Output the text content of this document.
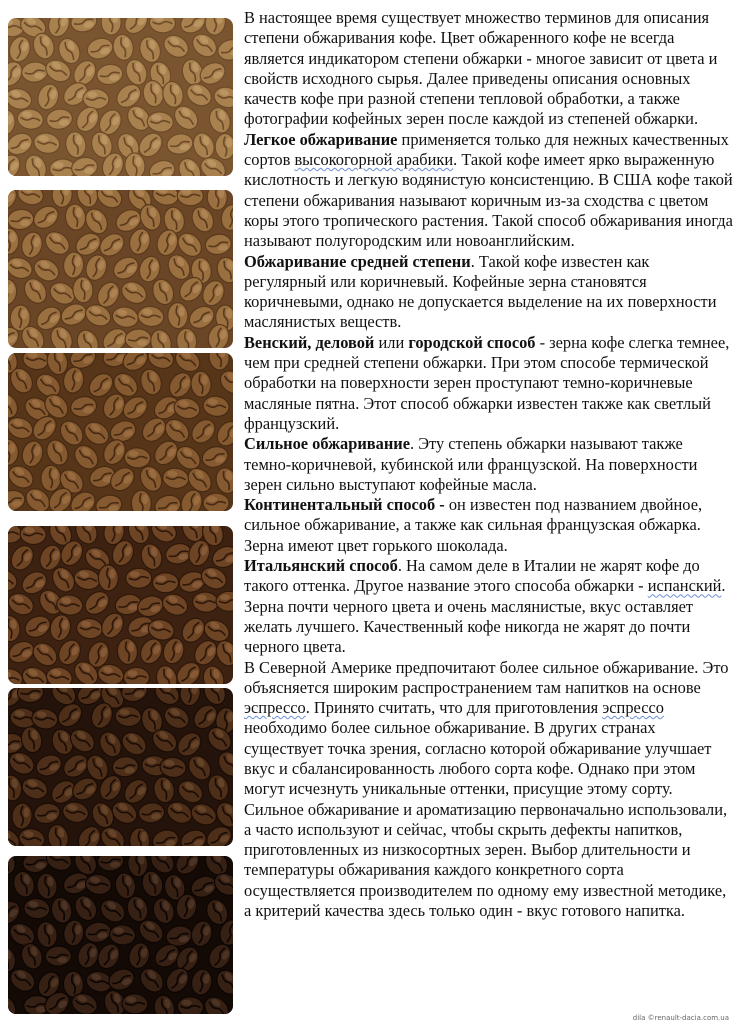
В настоящее время существует множество терминов для описания степени обжаривания кофе. Цвет обжаренного кофе не всегда является индикатором степени обжарки - многое зависит от цвета и свойств исходного сырья. Далее приведены описания основных качеств кофе при разной степени тепловой обработки, а также фотографии кофейных зерен после каждой из степеней обжарки.

Легкое обжаривание применяется только для нежных качественных сортов высокогорной арабики. Такой кофе имеет ярко выраженную кислотность и легкую водянистую консистенцию. В США кофе такой степени обжаривания называют коричным из-за сходства с цветом коры этого тропического растения. Такой способ обжаривания иногда называют полугородским или новоанглийским.

Обжаривание средней степени. Такой кофе известен как регулярный или коричневый. Кофейные зерна становятся коричневыми, однако не допускается выделение на их поверхности маслянистых веществ.

Венский, деловой или городской способ - зерна кофе слегка темнее, чем при средней степени обжарки. При этом способе термической обработки на поверхности зерен проступают темно-коричневые масляные пятна. Этот способ обжарки известен также как светлый французский.

Сильное обжаривание. Эту степень обжарки называют также темно-коричневой, кубинской или французской. На поверхности зерен сильно выступают кофейные масла.

Континентальный способ - он известен под названием двойное, сильное обжаривание, а также как сильная французская обжарка. Зерна имеют цвет горького шоколада.

Итальянский способ. На самом деле в Италии не жарят кофе до такого оттенка. Другое название этого способа обжарки - испанский. Зерна почти черного цвета и очень маслянистые, вкус оставляет желать лучшего. Качественный кофе никогда не жарят до почти черного цвета.

В Северной Америке предпочитают более сильное обжаривание. Это объясняется широким распространением там напитков на основе эспрессо. Принято считать, что для приготовления эспрессо необходимо более сильное обжаривание. В других странах существует точка зрения, согласно которой обжаривание улучшает вкус и сбалансированность любого сорта кофе. Однако при этом могут исчезнуть уникальные оттенки, присущие этому сорту. Сильное обжаривание и ароматизацию первоначально использовали, а часто используют и сейчас, чтобы скрыть дефекты напитков, приготовленных из низкосортных зерен. Выбор длительности и температуры обжаривания каждого конкретного сорта осуществляется производителем по одному ему известной методике, а критерий качества здесь только один - вкус готового напитка.

dila ©renault-dacia.com.ua
